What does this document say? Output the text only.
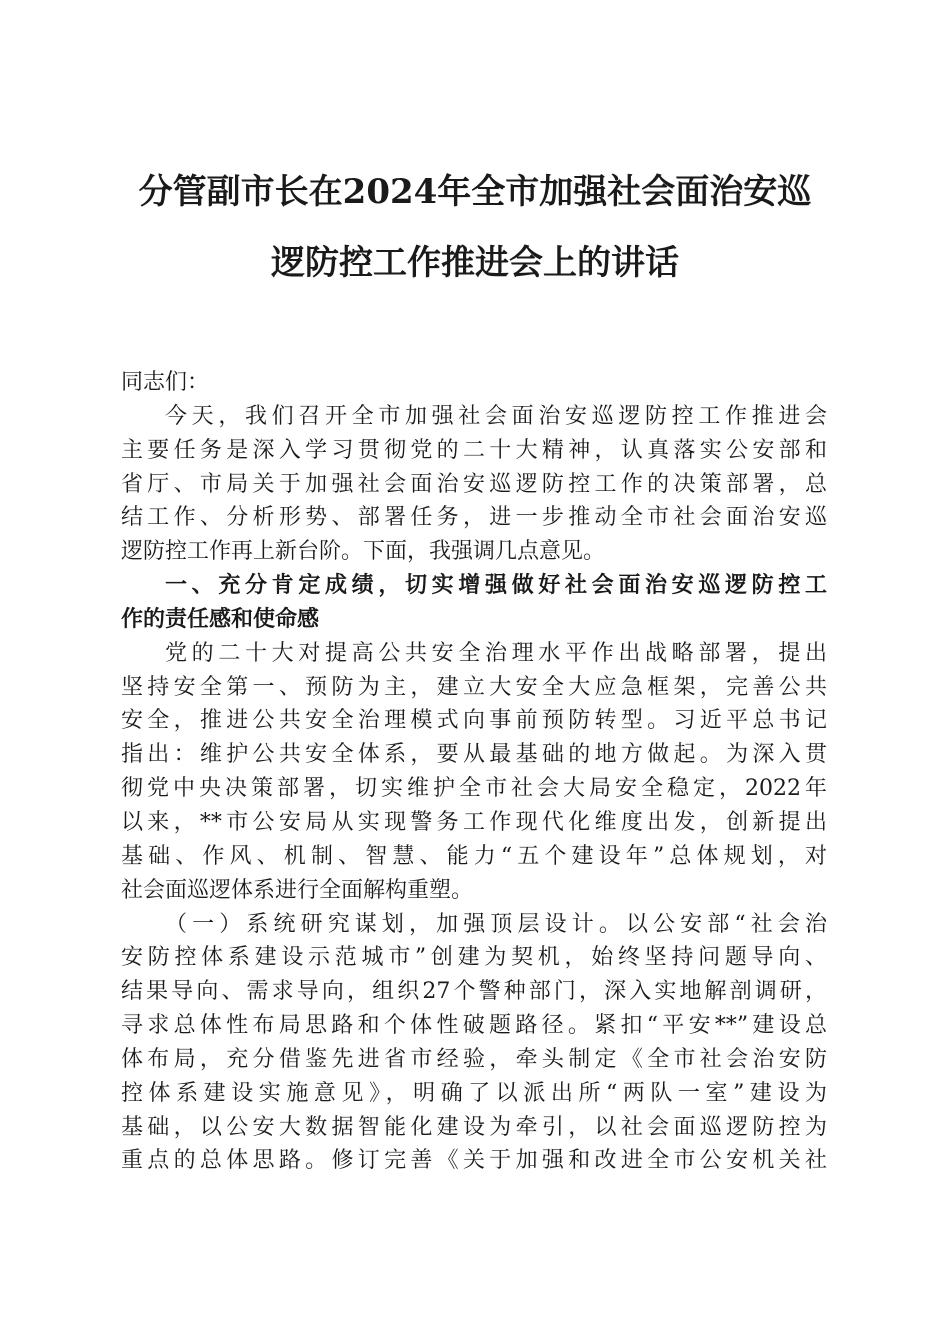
分管副市长在2024年全市加强社会面治安巡
逻防控工作推进会上的讲话

同志们：

今天，我们召开全市加强社会面治安巡逻防控工作推进会
主要任务是深入学习贯彻党的二十大精神，认真落实公安部和
省厅、市局关于加强社会面治安巡逻防控工作的决策部署，总
结工作、分析形势、部署任务，进一步推动全市社会面治安巡
逻防控工作再上新台阶。下面，我强调几点意见。

一、充分肯定成绩，切实增强做好社会面治安巡逻防控工
作的责任感和使命感

党的二十大对提高公共安全治理水平作出战略部署，提出
坚持安全第一、预防为主，建立大安全大应急框架，完善公共
安全，推进公共安全治理模式向事前预防转型。习近平总书记
指出：维护公共安全体系，要从最基础的地方做起。为深入贯
彻党中央决策部署，切实维护全市社会大局安全稳定，2022年
以来，**市公安局从实现警务工作现代化维度出发，创新提出
基础、作风、机制、智慧、能力“五个建设年”总体规划，对
社会面巡逻体系进行全面解构重塑。

（一）系统研究谋划，加强顶层设计。以公安部“社会治
安防控体系建设示范城市”创建为契机，始终坚持问题导向、
结果导向、需求导向，组织27个警种部门，深入实地解剖调研，
寻求总体性布局思路和个体性破题路径。紧扣“平安**”建设总
体布局，充分借鉴先进省市经验，牵头制定《全市社会治安防
控体系建设实施意见》，明确了以派出所“两队一室”建设为
基础，以公安大数据智能化建设为牵引，以社会面巡逻防控为
重点的总体思路。修订完善《关于加强和改进全市公安机关社
